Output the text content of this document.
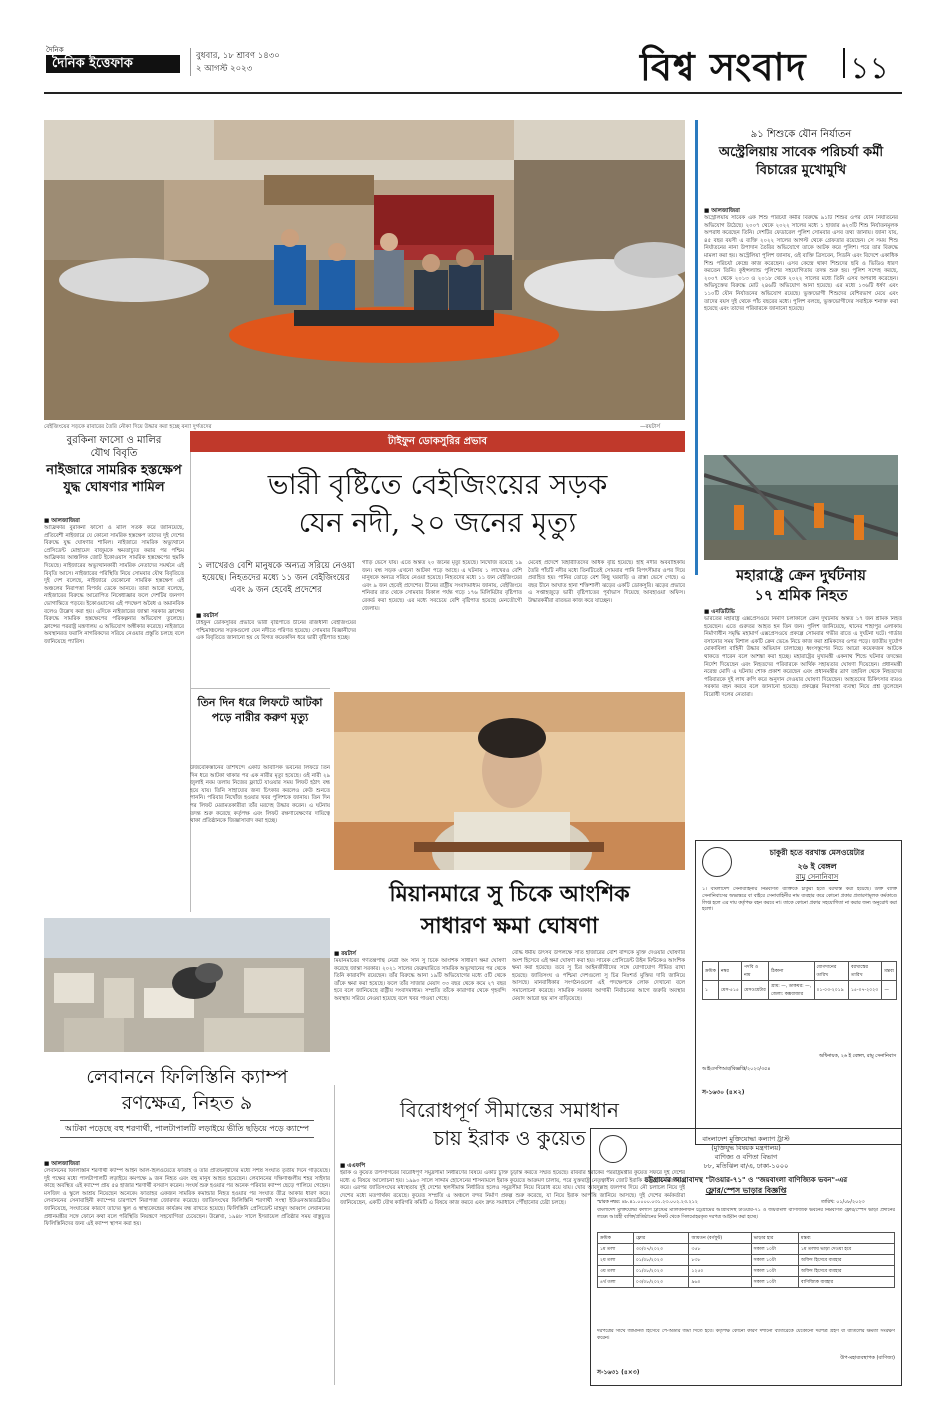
দৈনিক
দৈনিক ইত্তেফাক	বুধবার, ১৮ শ্রাবণ ১৪৩০
২ আগস্ট ২০২৩	বিশ্ব সংবাদ ১১
বেইজিংয়ের সড়কে রাবারের তৈরি নৌকা দিয়ে উদ্ধার করা হচ্ছে বন্যা দুর্গতদের	—রয়টার্স
বুরকিনা ফাসো ও মালির
যৌথ বিবৃতি
নাইজারে সামরিক হস্তক্ষেপ যুদ্ধ ঘোষণার শামিল
■ আলজাজিরা
আফ্রিকার বুরকিনা ফাসো ও মালি সতর্ক করে জানিয়েছে, প্রতিবেশী নাইজারে যে কোনো সামরিক হস্তক্ষেপ তাদের দুই দেশের বিরুদ্ধে যুদ্ধ ঘোষণার শামিল। নাইজারে সামরিক অভ্যুত্থানে প্রেসিডেন্ট মোহামেদ বাজুমকে ক্ষমতাচ্যুত করার পর পশ্চিম আফ্রিকার আঞ্চলিক জোট ইকোওয়াস সামরিক হস্তক্ষেপের হুমকি দিয়েছে। নাইজারের অভ্যুত্থানকারী সামরিক নেতাদের সমর্থনে এই বিবৃতি আসে। নাইজারের পরিস্থিতি নিয়ে সোমবার যৌথ বিবৃতিতে দুই দেশ বলেছে, নাইজারে যেকোনো সামরিক হস্তক্ষেপ এই অঞ্চলের নিরাপত্তা বিপর্যয় ডেকে আনবে। তারা আরো বলেছে, নাইজারের বিরুদ্ধে আরোপিত নিষেধাজ্ঞার ফলে দেশটির জনগণ ভোগান্তিতে পড়বে। ইকোওয়াসের এই পদক্ষেপ অবৈধ ও অমানবিক বলেও উল্লেখ করা হয়। এদিকে নাইজারের জান্তা সরকার ফ্রান্সের বিরুদ্ধে সামরিক হস্তক্ষেপের পরিকল্পনার অভিযোগ তুলেছে। ফ্রান্সের পররাষ্ট্র মন্ত্রণালয় এ অভিযোগ অস্বীকার করেছে। নাইজারে অবস্থানরত ফরাসি নাগরিকদের সরিয়ে নেওয়ার প্রস্তুতি চলছে বলে জানিয়েছে প্যারিস।
টাইফুন ডোকসুরির প্রভাব
ভারী বৃষ্টিতে বেইজিংয়ের সড়ক
যেন নদী, ২০ জনের মৃত্যু
১ লাখেরও বেশি মানুষকে অন্যত্র সরিয়ে নেওয়া হয়েছে। নিহতদের মধ্যে ১১ জন বেইজিংয়ের এবং ৯ জন হেবেই প্রদেশের
■ রয়টার্স
টাইফুন ডোকসুরির প্রভাবে ভারী বৃষ্টিপাতে চীনের রাজধানী বেইজিংয়ের পশ্চিমাঞ্চলের সড়কগুলো যেন নদীতে পরিণত হয়েছে। সোমবার বিজ্ঞানীদের এক বিবৃতিতে জানানো হয় যে বিগত কয়েকদিন ধরে ভারী বৃষ্টিপাত হচ্ছে।
গাড়ি ভেসে যায়। এতে অন্তত ২০ জনের মৃত্যু হয়েছে। নিখোঁজ রয়েছে ১৯ জন। বন্ধ সড়ক এখনো আটকা পড়ে আছে। এ ঘটনায় ১ লাখেরও বেশি মানুষকে অন্যত্র সরিয়ে নেওয়া হয়েছে। নিহতদের মধ্যে ১১ জন বেইজিংয়ের এবং ৯ জন হেবেই প্রদেশের। চীনের রাষ্ট্রীয় সংবাদমাধ্যম জানায়, বেইজিংয়ে শনিবার রাত থেকে সোমবার বিকাল পর্যন্ত গড়ে ১৭৬ মিলিমিটার বৃষ্টিপাত রেকর্ড করা হয়েছে। এর মধ্যে সবচেয়ে বেশি বৃষ্টিপাত হয়েছে মেনতৌগৌ জেলায়।
মেবেই প্রদেশে বিহারীতিদের অধিক বৃষ্টি হয়েছে। হাই নদীর অববাহিকায় তৈরি পাঁচটি নদীর মধ্যে তিনটিতেই সোমবার পানি বিপৎসীমার ওপর দিয়ে প্রবাহিত হয়। পানির তোড়ে বেশ কিছু ঘরবাড়ি ও রাস্তা ভেসে গেছে। এ বছর চীনে আঘাত হানা শক্তিশালী ঝড়ের একটি ডোকসুরি। ঝড়ের প্রভাবে এ সপ্তাহজুড়ে ভারী বৃষ্টিপাতের পূর্বাভাস দিয়েছে আবহাওয়া অফিস। উদ্ধারকর্মীরা রাতভর কাজ করে যাচ্ছেন।
তিন দিন ধরে লিফটে আটকা পড়ে নারীর করুণ মৃত্যু
উজবেকিস্তানের তাশখন্দে একটি আবাসিক ভবনের লিফটে তিন দিন ধরে আটকা থাকার পর এক নারীর মৃত্যু হয়েছে। ওই নারী ২৯ জুলাই নবম তলায় নিজের ফ্ল্যাটে যাওয়ার সময় লিফট হঠাৎ বন্ধ হয়ে যায়। তিনি সাহায্যের জন্য চিৎকার করলেও কেউ শুনতে পাননি। পরিবার নিখোঁজ হওয়ার খবর পুলিশকে জানায়। তিন দিন পর লিফট মেরামতকারীরা তাঁর মরদেহ উদ্ধার করেন। এ ঘটনায় তদন্ত শুরু করেছে কর্তৃপক্ষ এবং লিফট রক্ষণাবেক্ষণের দায়িত্বে থাকা প্রতিষ্ঠানকে জিজ্ঞাসাবাদ করা হচ্ছে।
মিয়ানমারে সু চিকে আংশিক
সাধারণ ক্ষমা ঘোষণা
■ রয়টার্স
মিয়ানমারের গণতন্ত্রপন্থি নেত্রী অং সান সু চিকে আংশিক সাধারণ ক্ষমা ঘোষণা করেছে জান্তা সরকার। ২০২১ সালের ফেব্রুয়ারিতে সামরিক অভ্যুত্থানের পর থেকে তিনি কারাবন্দি রয়েছেন। তাঁর বিরুদ্ধে আনা ১৯টি অভিযোগের মধ্যে ৫টি থেকে তাঁকে ক্ষমা করা হয়েছে। ফলে তাঁর সাজার মেয়াদ ৩৩ বছর থেকে কমে ২৭ বছর হবে বলে জানিয়েছে রাষ্ট্রীয় সংবাদমাধ্যম। সম্প্রতি তাঁকে কারাগার থেকে গৃহবন্দি অবস্থায় সরিয়ে নেওয়া হয়েছে বলে খবর পাওয়া গেছে।
বৌদ্ধ ধর্মীয় উৎসব উপলক্ষে সাত হাজারের বেশি বন্দিকে মুক্তি দেওয়ার ঘোষণার অংশ হিসেবে এই ক্ষমা ঘোষণা করা হয়। সাবেক প্রেসিডেন্ট উইন মিন্টকেও আংশিক ক্ষমা করা হয়েছে। তবে সু চির আইনজীবীদের সঙ্গে যোগাযোগ সীমিত রাখা হয়েছে। জাতিসংঘ ও পশ্চিমা দেশগুলো সু চির নিঃশর্ত মুক্তির দাবি জানিয়ে আসছে। মানবাধিকার সংগঠনগুলো এই পদক্ষেপকে লোক দেখানো বলে সমালোচনা করেছে। সামরিক সরকার আগামী নির্বাচনের আগে জরুরি অবস্থার মেয়াদ আরো ছয় মাস বাড়িয়েছে।
লেবাননে ফিলিস্তিনি ক্যাম্প
রণক্ষেত্র, নিহত ৯
আটকা পড়েছে বহু শরণার্থী, পালটাপালটি লড়াইয়ে ভীতি ছড়িয়ে পড়ে ক্যাম্পে
■ আলজাজিরা
লেবাননের ফিলিস্তিনি শরণার্থী ক্যাম্প আইন আল-হিলওয়েতে ফাতাহ ও তার প্রতিদ্বন্দ্বীদের মধ্যে সশস্ত্র সংঘাত তৃতীয় দিনে গড়িয়েছে। দুই পক্ষের মধ্যে পালটাপালটি লড়াইয়ে কমপক্ষে ৯ জন নিহত এবং বহু মানুষ আহত হয়েছেন। লেবাননের দক্ষিণাঞ্চলীয় শহর সাইদার কাছে অবস্থিত এই ক্যাম্পে প্রায় ৫৪ হাজার শরণার্থী বসবাস করেন। সংঘর্ষ শুরু হওয়ার পর অনেক পরিবার ক্যাম্প ছেড়ে পালিয়ে গেছেন। মসজিদ ও স্কুলে আশ্রয় নিয়েছেন অনেকে। ফাতাহর একজন সামরিক কমান্ডার নিহত হওয়ার পর সংঘাত তীব্র আকার ধারণ করে। লেবাননের সেনাবাহিনী ক্যাম্পের চারপাশে নিরাপত্তা জোরদার করেছে। জাতিসংঘের ফিলিস্তিনি শরণার্থী সংস্থা ইউএনআরডব্লিউএ জানিয়েছে, সংঘাতের কারণে তাদের স্কুল ও স্বাস্থ্যকেন্দ্রের কার্যক্রম বন্ধ রাখতে হয়েছে। ফিলিস্তিনি প্রেসিডেন্ট মাহমুদ আব্বাস লেবাননের প্রধানমন্ত্রীর সঙ্গে ফোনে কথা বলে পরিস্থিতি নিয়ন্ত্রণে সহযোগিতা চেয়েছেন। উল্লেখ্য, ১৯৪৮ সালে ইসরায়েল প্রতিষ্ঠার সময় বাস্তুচ্যুত ফিলিস্তিনিদের জন্য এই ক্যাম্প স্থাপন করা হয়।
বিরোধপূর্ণ সীমান্তের সমাধান
চায় ইরাক ও কুয়েত
■ এএফপি
ইরাক ও কুয়েত উপসাগরের বিরোধপূর্ণ সমুদ্রসীমা নির্ধারণের বিষয়ে একটি চুক্তি চূড়ান্ত করতে সম্মত হয়েছে। রবিবার ইরাকের পররাষ্ট্রমন্ত্রীর কুয়েত সফরে দুই দেশের মধ্যে এ বিষয়ে আলোচনা হয়। ১৯৯০ সালে সাদ্দাম হোসেনের শাসনামলে ইরাক কুয়েতে আক্রমণ চালায়, পরে যুক্তরাষ্ট্র নেতৃত্বাধীন জোট ইরাকি বাহিনীকে বিতাড়িত করে। এরপর জাতিসংঘের মধ্যস্থতায় দুই দেশের স্থলসীমান্ত নির্ধারিত হলেও সমুদ্রসীমা নিয়ে বিরোধ রয়ে যায়। খোর আবদুল্লাহ জলপথ দিয়ে নৌ চলাচল নিয়ে দুই দেশের মধ্যে মতপার্থক্য রয়েছে। কুয়েত সম্প্রতি এ অঞ্চলে বন্দর নির্মাণ প্রকল্প শুরু করেছে, যা নিয়ে ইরাক আপত্তি জানিয়ে আসছে। দুই দেশের কর্মকর্তারা জানিয়েছেন, একটি যৌথ কারিগরি কমিটি এ বিষয়ে কাজ করবে এবং দ্রুত সমাধানে পৌঁছানোর চেষ্টা চলছে।
৯১ শিশুকে যৌন নির্যাতন
অস্ট্রেলিয়ায় সাবেক পরিচর্যা কর্মী বিচারের মুখোমুখি
■ আলজাজিরা
অস্ট্রেলিয়ায় সাবেক এক শিশু পরিচর্যা কর্মীর বিরুদ্ধে ৯১টি শিশুর ওপর যৌন নির্যাতনের অভিযোগ উঠেছে। ২০০৭ থেকে ২০২২ সালের মধ্যে ১ হাজার ৬২৩টি শিশু নির্যাতনমূলক অপরাধ করেছেন তিনি। দেশটির ফেডারেল পুলিশ সোমবার এসব তথ্য জানায়। জানা যায়, ৪৫ বছর বয়সী এ ব্যক্তি ২০২২ সালের আগস্ট থেকে গ্রেফতার রয়েছেন। সে সময় শিশু নির্যাতনের নানা উপাদান তৈরির অভিযোগে তাকে আটক করে পুলিশ। পরে তার বিরুদ্ধে মামলা করা হয়। অস্ট্রেলিয়া পুলিশ জানায়, ওই ব্যক্তি ব্রিসবেন, সিডনি এবং বিদেশে একাধিক শিশু পরিচর্যা কেন্দ্রে কাজ করেছেন। এসব কেন্দ্রে থাকা শিশুদের ছবি ও ভিডিও ধারণ করতেন তিনি। কুইন্সল্যান্ড পুলিশের সহযোগিতায় তদন্ত শুরু হয়। পুলিশ সন্দেহ করছে, ২০০৭ থেকে ২০১৩ ও ২০১৮ থেকে ২০২২ সালের মধ্যে তিনি এসব অপরাধ করেছেন। অভিযুক্তের বিরুদ্ধে মোট ২৪৬টি অভিযোগ আনা হয়েছে। এর মধ্যে ১৩৬টি ধর্ষণ এবং ১১০টি যৌন নির্যাতনের অভিযোগ রয়েছে। ভুক্তভোগী শিশুদের বেশিরভাগ মেয়ে এবং তাদের বয়স দুই থেকে পাঁচ বছরের মধ্যে। পুলিশ বলছে, ভুক্তভোগীদের সবাইকে শনাক্ত করা হয়েছে এবং তাদের পরিবারকে জানানো হয়েছে।
মহারাষ্ট্রে ক্রেন দুর্ঘটনায়
১৭ শ্রমিক নিহত
■ এনডিটিভি
ভারতের মহারাষ্ট্র এক্সপ্রেসওয়ে নির্মাণ চলাকালে ক্রেন দুর্ঘটনায় অন্তত ১৭ জন শ্রমিক নিহত হয়েছেন। এতে গুরুতর আহত হন তিন জন। পুলিশ জানিয়েছে, থানের শাহাপুর এলাকায় নির্মাণাধীন সমৃদ্ধি মহামার্গ এক্সপ্রেসওয়ে প্রকল্পে সোমবার গভীর রাতে এ দুর্ঘটনা ঘটে। গার্ডার বসানোর সময় বিশাল একটি ক্রেন ভেঙে নিচে কাজ করা শ্রমিকদের ওপর পড়ে। জাতীয় দুর্যোগ মোকাবিলা বাহিনী উদ্ধার অভিযান চালাচ্ছে। ধ্বংসস্তূপের নিচে আরো কয়েকজন আটকে থাকতে পারেন বলে আশঙ্কা করা হচ্ছে। মহারাষ্ট্রের মুখ্যমন্ত্রী একনাথ শিন্ডে ঘটনার তদন্তের নির্দেশ দিয়েছেন এবং নিহতদের পরিবারকে আর্থিক সহায়তার ঘোষণা দিয়েছেন। প্রধানমন্ত্রী নরেন্দ্র মোদি এ ঘটনায় শোক প্রকাশ করেছেন এবং প্রধানমন্ত্রীর ত্রাণ তহবিল থেকে নিহতদের পরিবারকে দুই লাখ রুপি করে অনুদান দেওয়ার ঘোষণা দিয়েছেন। আহতদের চিকিৎসার ব্যয়ও সরকার বহন করবে বলে জানানো হয়েছে। প্রকল্পের নিরাপত্তা ব্যবস্থা নিয়ে প্রশ্ন তুলেছেন বিরোধী দলের নেতারা।
চাকুরী হতে বরখাস্ত মেসওয়েটার
২৬ ই বেঙ্গল
রামু সেনানিবাস
১। বাংলাদেশ সেনাবাহিনীর নিম্নবর্ণিত ব্যক্তিকে চাকুরী হতে বরখাস্ত করা হয়েছে। উক্ত ব্যক্তি সেনানিবাসের অভ্যন্তরে বা বাইরে সেনাবাহিনীর নাম ব্যবহার করে কোনো প্রকার প্রতারণামূলক কর্মকাণ্ডে লিপ্ত হলে এর দায় কর্তৃপক্ষ বহন করবে না। তাকে কোনো প্রকার সহযোগিতা না করার জন্য অনুরোধ করা হলো।
ক্রমিক	নম্বর	পদবি ও নাম	ঠিকানা	যোগদানের তারিখ	বরখাস্তের তারিখ	মন্তব্য
১	মেস-৫১৫	মেসওয়েটার	গ্রাম: —, ডাকঘর: —, জেলা: কক্সবাজার	০১-০৩-২০১৯	১৫-০৭-২০২৩	—
অধিনায়ক, ২৬ ই বেঙ্গল, রামু সেনানিবাস
আইএসপিআর/বিজ্ঞপ্তি/২০২৩/৩৫৪
স-১৬৩০ (৪×২)
বাংলাদেশ মুক্তিযোদ্ধা কল্যাণ ট্রাস্ট
(মুক্তিযুদ্ধ বিষয়ক মন্ত্রণালয়)
বাণিজ্য ও বণিতা বিভাগ
৮৮, মতিঝিল বা/এ, ঢাকা-১০০০
চট্টগ্রামের আগ্রাবাদস্থ "টাওয়ার-৭১" ও "জয়বাংলা বাণিজ্যিক ভবন"-এর
ফ্লোর/স্পেস ভাড়ার বিজ্ঞপ্তি
স্মারক নম্বর: ৪৮.৪১.০০০০.০৩১.২৩.০০২.২৩.২১২	তারিখ: ০১/০৮/২০২৩
বাংলাদেশ মুক্তিযোদ্ধা কল্যাণ ট্রাস্টের মালিকানাধীন চট্টগ্রামের আগ্রাবাদস্থ টাওয়ার-৭১ ও জয়বাংলা বাণিজ্যিক ভবনের নিম্নবর্ণিত ফ্লোর/স্পেস ভাড়া প্রদানের লক্ষ্যে আগ্রহী ব্যক্তি/প্রতিষ্ঠানের নিকট থেকে সিলমোহরকৃত দরপত্র আহ্বান করা হচ্ছে।
ক্রমিক	ফ্লোর	আয়তন (বর্গফুট)	ভাড়ার হার	মন্তব্য
১ম তলা	৩০/০৭/২০২৩	৩৫৮	সকাল ১০টা	১ম তলায় ভাড়া দেওয়া হবে
২য় তলা	০১/০৮/২০২৩	৮৩৮	সকাল ১০টা	অফিস হিসেবে ব্যবহার
৩য় তলা	০১/০৮/২০২৩	১২৫০	সকাল ১০টা	অফিস হিসেবে ব্যবহার
৪র্থ তলা	০৩/০৮/২০২৩	৯৬০	সকাল ১০টা	বাণিজ্যিক ব্যবহার
দরপত্রের সাথে জামানত হিসেবে পে-অর্ডার জমা দিতে হবে। কর্তৃপক্ষ কোনো কারণ দর্শানো ব্যতিরেকে যেকোনো দরপত্র গ্রহণ বা বাতিলের ক্ষমতা সংরক্ষণ করেন।
উপ-মহাব্যবস্থাপক (বাণিজ্য)
স-১৬৩১ (৪×৩)
